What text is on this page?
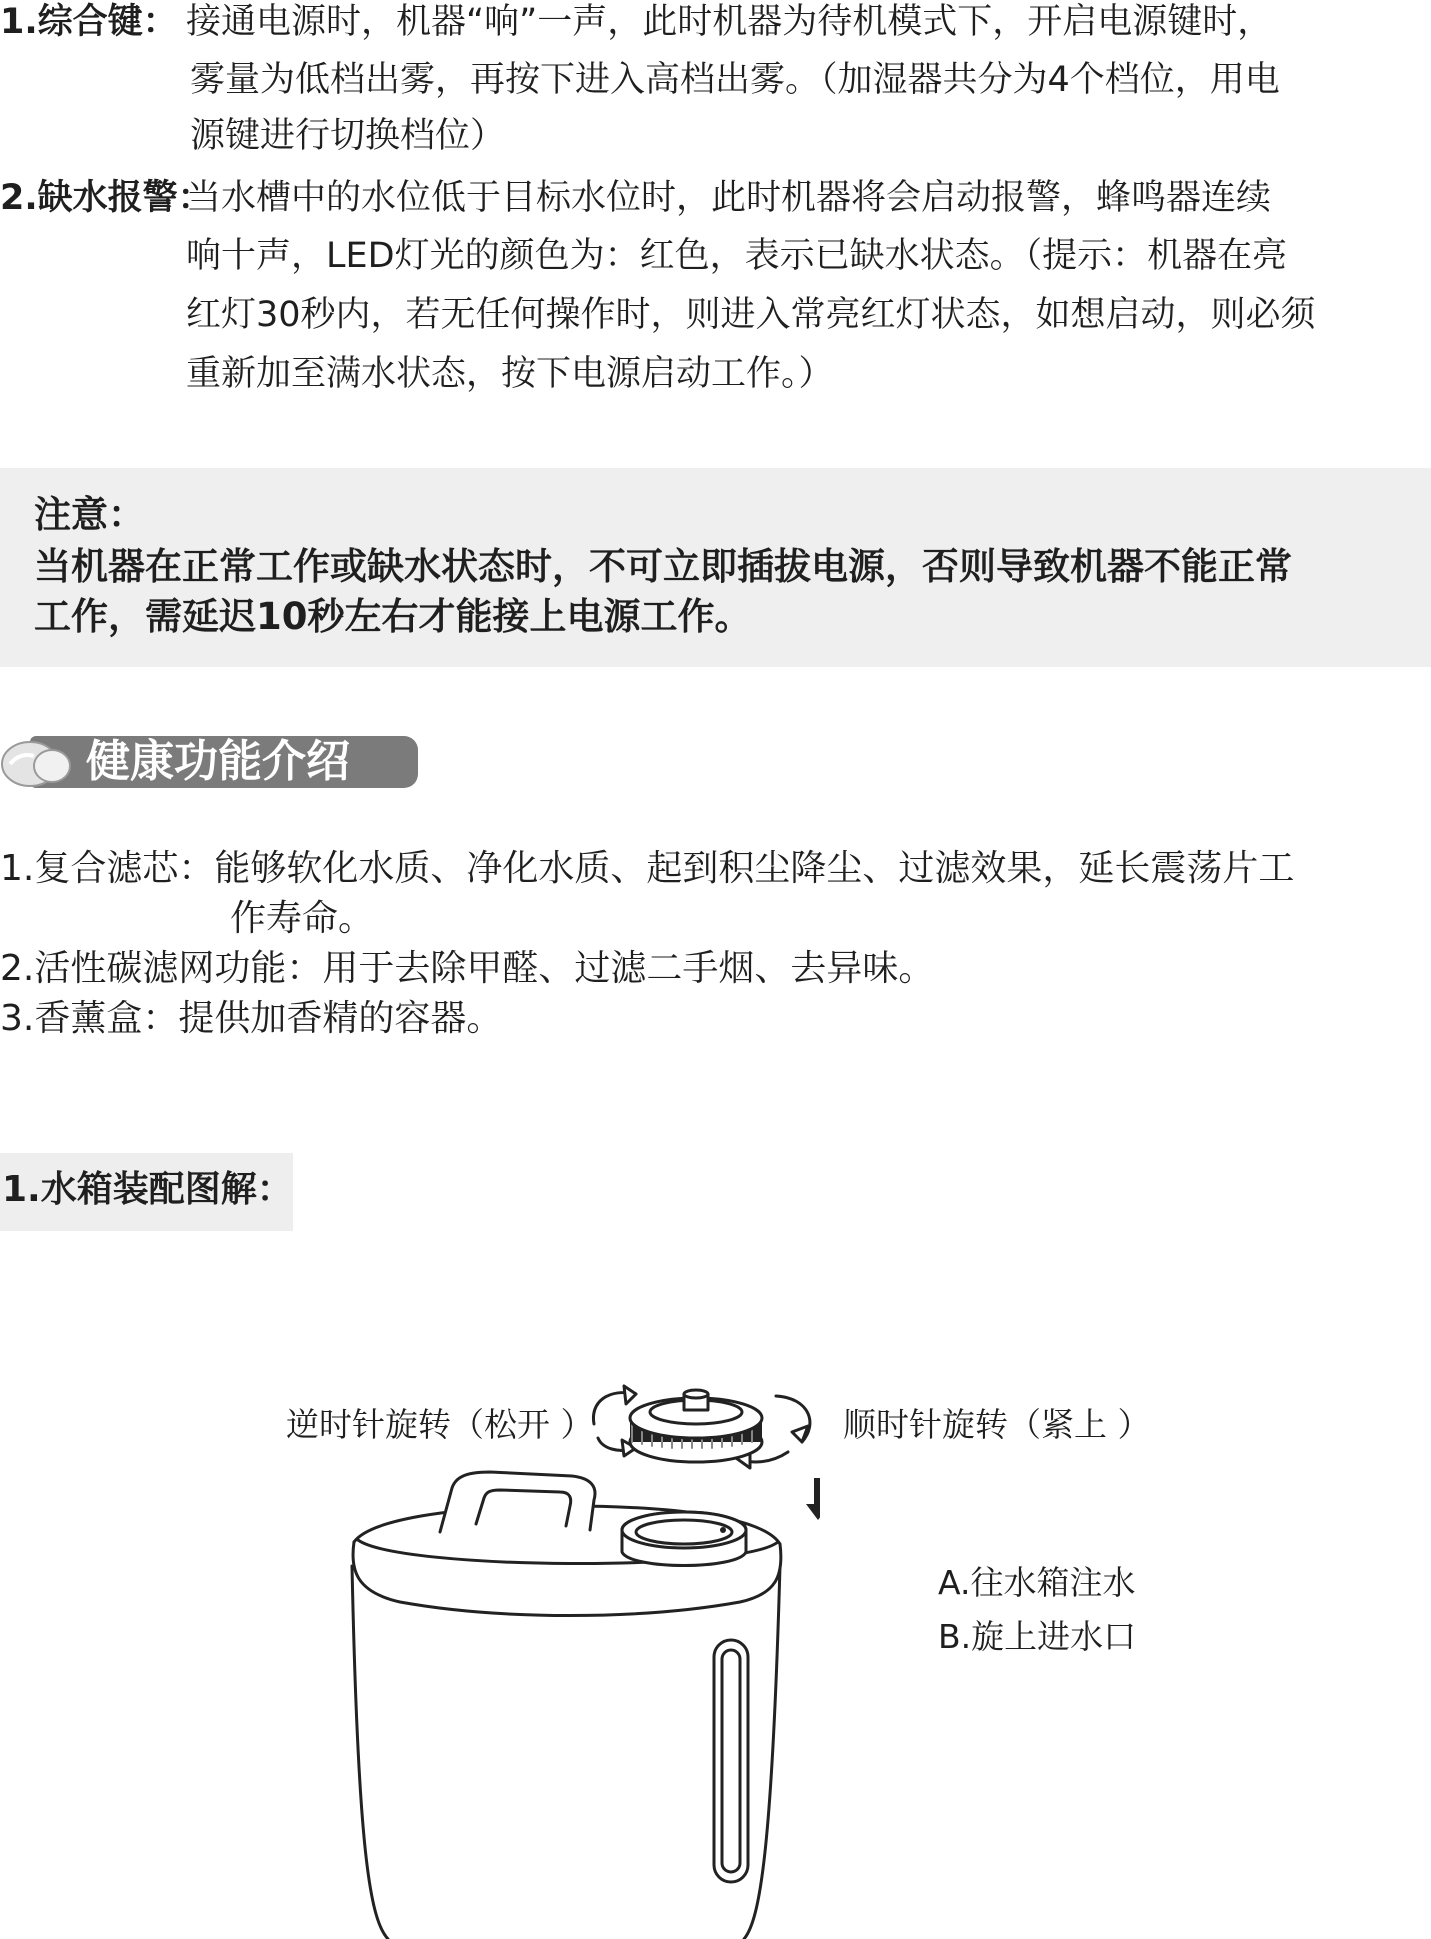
1.综合键： 接通电源时，机器“响”一声，此时机器为待机模式下，开启电源键时，
雾量为低档出雾，再按下进入高档出雾。（加湿器共分为4个档位，用电
源键进行切换档位）
2.缺水报警：
当水槽中的水位低于目标水位时，此时机器将会启动报警，蜂鸣器连续
响十声，LED灯光的颜色为：红色，表示已缺水状态。（提示：机器在亮
红灯30秒内，若无任何操作时，则进入常亮红灯状态，如想启动，则必须
重新加至满水状态，按下电源启动工作。）
注意：
当机器在正常工作或缺水状态时，不可立即插拔电源，否则导致机器不能正常
工作，需延迟10秒左右才能接上电源工作。
健康功能介绍
1.复合滤芯：能够软化水质、净化水质、起到积尘降尘、过滤效果，延长震荡片工
作寿命。
2.活性碳滤网功能：用于去除甲醛、过滤二手烟、去异味。
3.香薰盒：提供加香精的容器。
1.水箱装配图解：
逆时针旋转（松开 ）	顺时针旋转（紧上 ）
A.往水箱注水
B.旋上进水口
